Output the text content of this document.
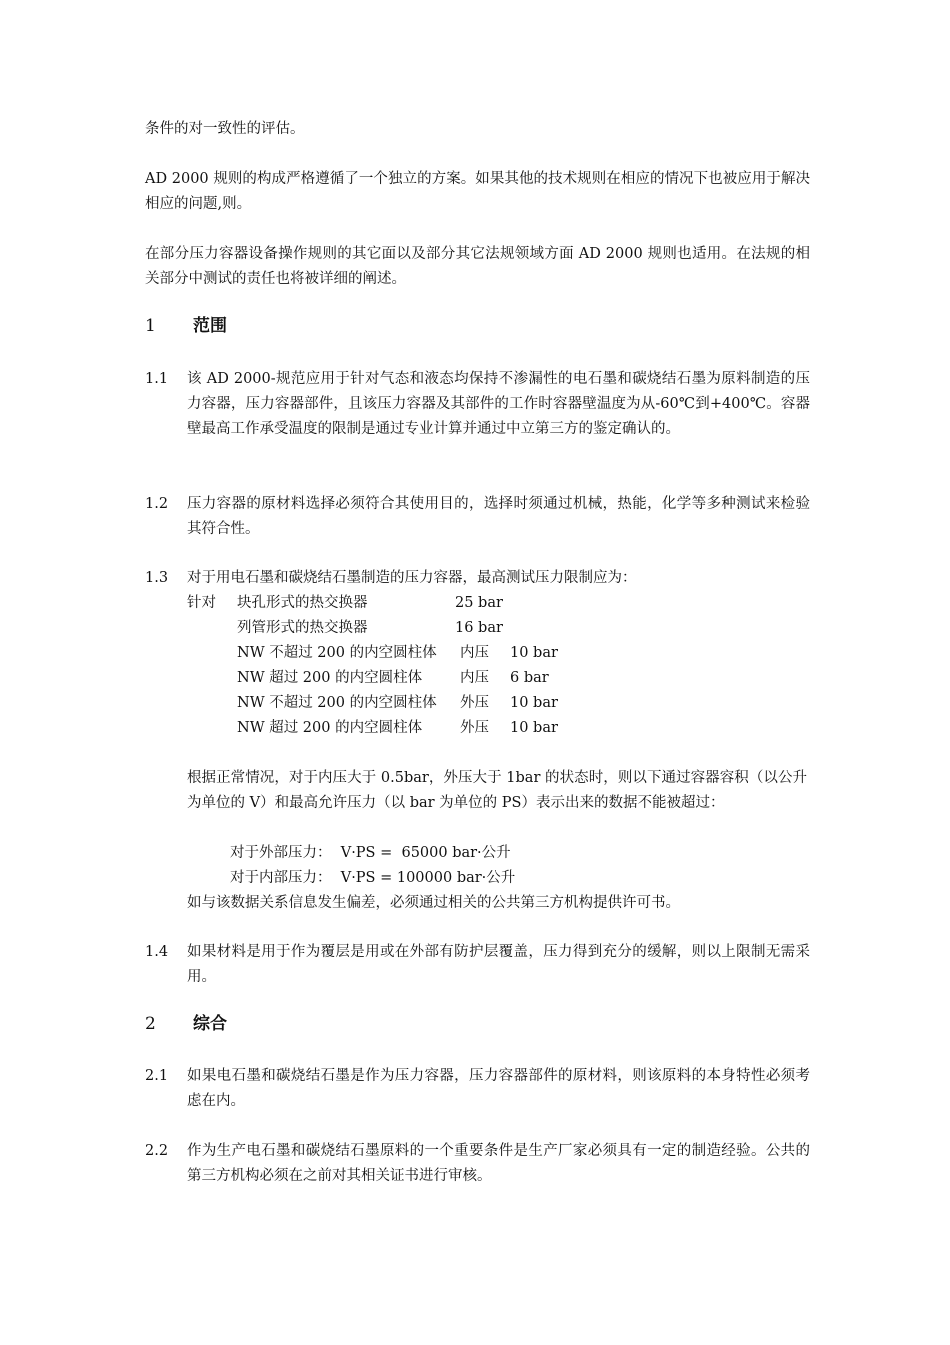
条件的对一致性的评估。

AD 2000 规则的构成严格遵循了一个独立的方案。如果其他的技术规则在相应的情况下也被应用于解决相应的问题,则。

在部分压力容器设备操作规则的其它面以及部分其它法规领域方面 AD 2000 规则也适用。在法规的相关部分中测试的责任也将被详细的阐述。

1 范围
1.1	该 AD 2000-规范应用于针对气态和液态均保持不渗漏性的电石墨和碳烧结石墨为原料制造的压力容器，压力容器部件，且该压力容器及其部件的工作时容器壁温度为从-60℃到+400℃。容器壁最高工作承受温度的限制是通过专业计算并通过中立第三方的鉴定确认的。
1.2	压力容器的原材料选择必须符合其使用目的，选择时须通过机械，热能，化学等多种测试来检验其符合性。
1.3	对于用电石墨和碳烧结石墨制造的压力容器，最高测试压力限制应为：
针对 块孔形式的热交换器	25 bar
列管形式的热交换器	16 bar
NW 不超过 200 的内空圆柱体 内压 10 bar
NW 超过 200 的内空圆柱体	内压 6 bar
NW 不超过 200 的内空圆柱体 外压 10 bar
NW 超过 200 的内空圆柱体	外压 10 bar

根据正常情况，对于内压大于 0.5bar，外压大于 1bar 的状态时，则以下通过容器容积（以公升为单位的 V）和最高允许压力（以 bar 为单位的 PS）表示出来的数据不能被超过：

对于外部压力：  V·PS =  65000 bar·公升
对于内部压力：  V·PS = 100000 bar·公升
如与该数据关系信息发生偏差，必须通过相关的公共第三方机构提供许可书。
1.4	如果材料是用于作为覆层是用或在外部有防护层覆盖，压力得到充分的缓解，则以上限制无需采用。
2 综合
2.1	如果电石墨和碳烧结石墨是作为压力容器，压力容器部件的原材料，则该原料的本身特性必须考虑在内。
2.2	作为生产电石墨和碳烧结石墨原料的一个重要条件是生产厂家必须具有一定的制造经验。公共的第三方机构必须在之前对其相关证书进行审核。
